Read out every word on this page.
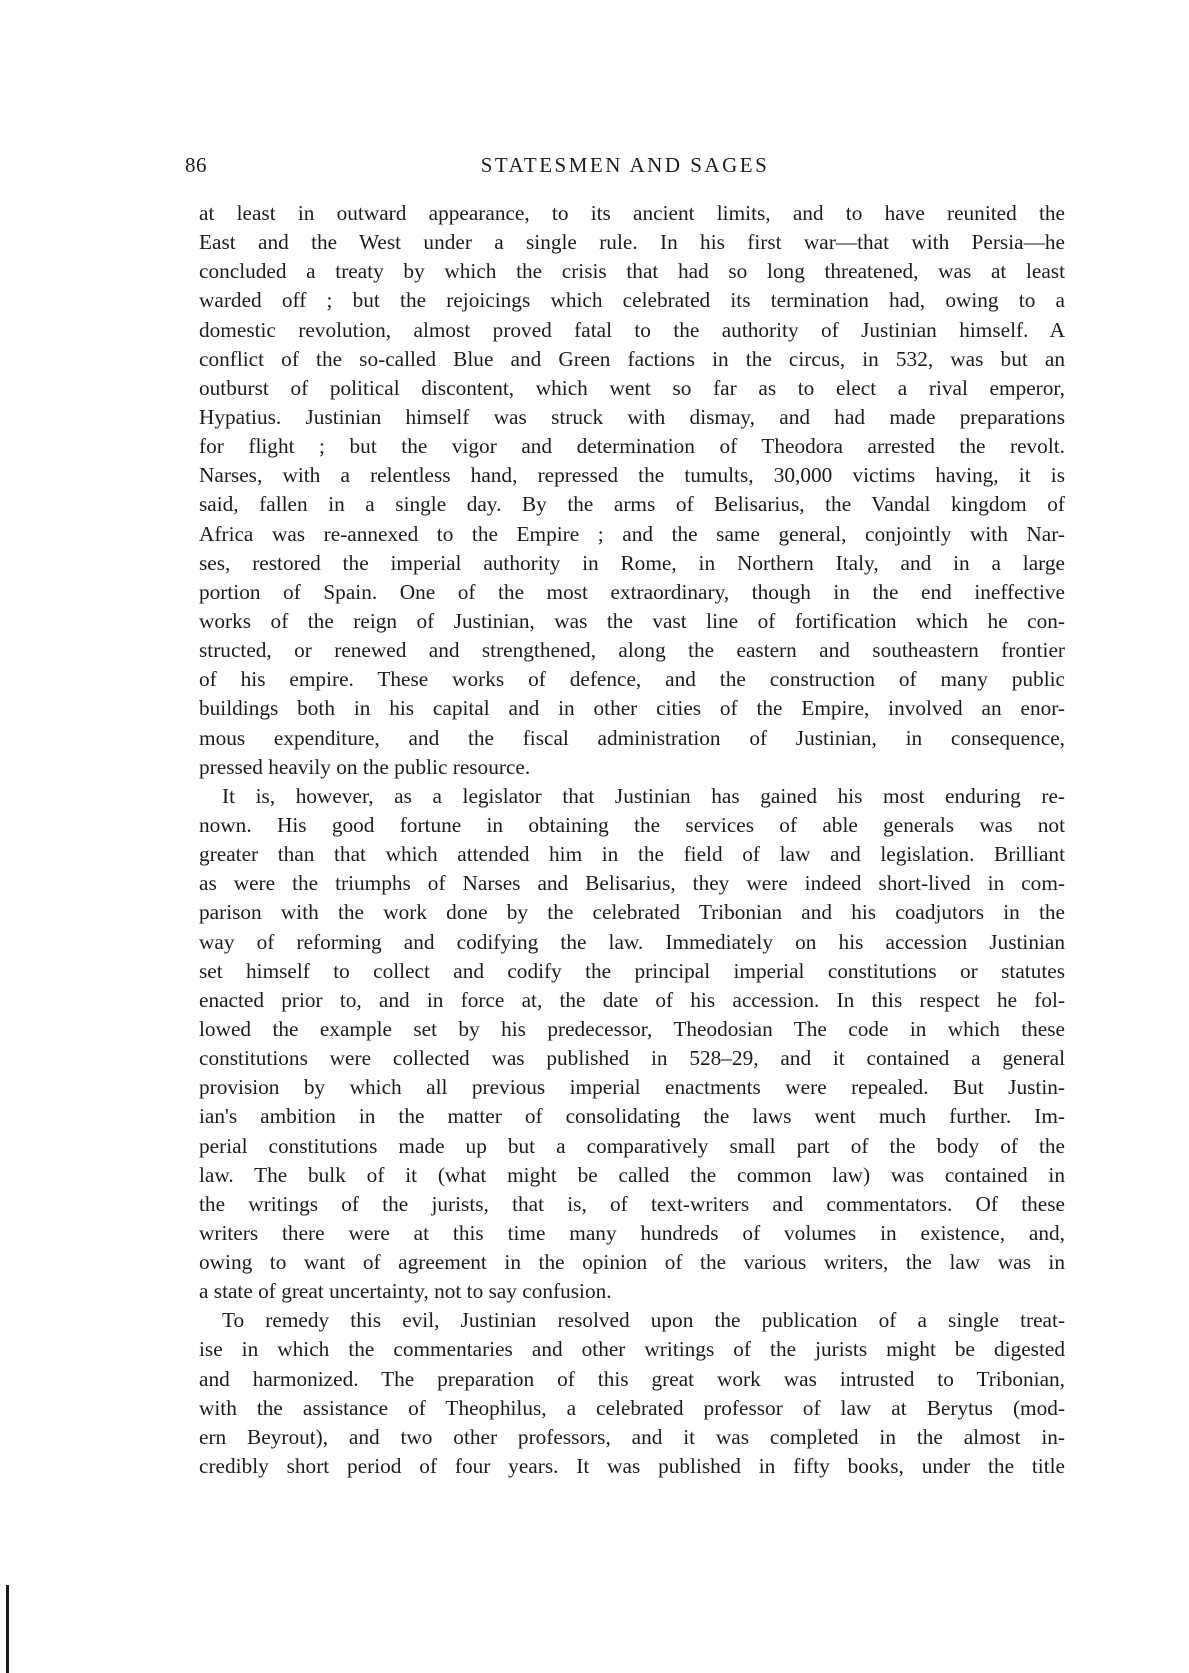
86	STATESMEN AND SAGES
at least in outward appearance, to its ancient limits, and to have reunited the
East and the West under a single rule. In his first war—that with Persia—he
concluded a treaty by which the crisis that had so long threatened, was at least
warded off ; but the rejoicings which celebrated its termination had, owing to a
domestic revolution, almost proved fatal to the authority of Justinian himself. A
conflict of the so-called Blue and Green factions in the circus, in 532, was but an
outburst of political discontent, which went so far as to elect a rival emperor,
Hypatius. Justinian himself was struck with dismay, and had made preparations
for flight ; but the vigor and determination of Theodora arrested the revolt.
Narses, with a relentless hand, repressed the tumults, 30,000 victims having, it is
said, fallen in a single day. By the arms of Belisarius, the Vandal kingdom of
Africa was re-annexed to the Empire ; and the same general, conjointly with Nar-
ses, restored the imperial authority in Rome, in Northern Italy, and in a large
portion of Spain. One of the most extraordinary, though in the end ineffective
works of the reign of Justinian, was the vast line of fortification which he con-
structed, or renewed and strengthened, along the eastern and southeastern frontier
of his empire. These works of defence, and the construction of many public
buildings both in his capital and in other cities of the Empire, involved an enor-
mous expenditure, and the fiscal administration of Justinian, in consequence,
pressed heavily on the public resource.
It is, however, as a legislator that Justinian has gained his most enduring re-
nown. His good fortune in obtaining the services of able generals was not
greater than that which attended him in the field of law and legislation. Brilliant
as were the triumphs of Narses and Belisarius, they were indeed short-lived in com-
parison with the work done by the celebrated Tribonian and his coadjutors in the
way of reforming and codifying the law. Immediately on his accession Justinian
set himself to collect and codify the principal imperial constitutions or statutes
enacted prior to, and in force at, the date of his accession. In this respect he fol-
lowed the example set by his predecessor, Theodosian The code in which these
constitutions were collected was published in 528–29, and it contained a general
provision by which all previous imperial enactments were repealed. But Justin-
ian's ambition in the matter of consolidating the laws went much further. Im-
perial constitutions made up but a comparatively small part of the body of the
law. The bulk of it (what might be called the common law) was contained in
the writings of the jurists, that is, of text-writers and commentators. Of these
writers there were at this time many hundreds of volumes in existence, and,
owing to want of agreement in the opinion of the various writers, the law was in
a state of great uncertainty, not to say confusion.
To remedy this evil, Justinian resolved upon the publication of a single treat-
ise in which the commentaries and other writings of the jurists might be digested
and harmonized. The preparation of this great work was intrusted to Tribonian,
with the assistance of Theophilus, a celebrated professor of law at Berytus (mod-
ern Beyrout), and two other professors, and it was completed in the almost in-
credibly short period of four years. It was published in fifty books, under the title
